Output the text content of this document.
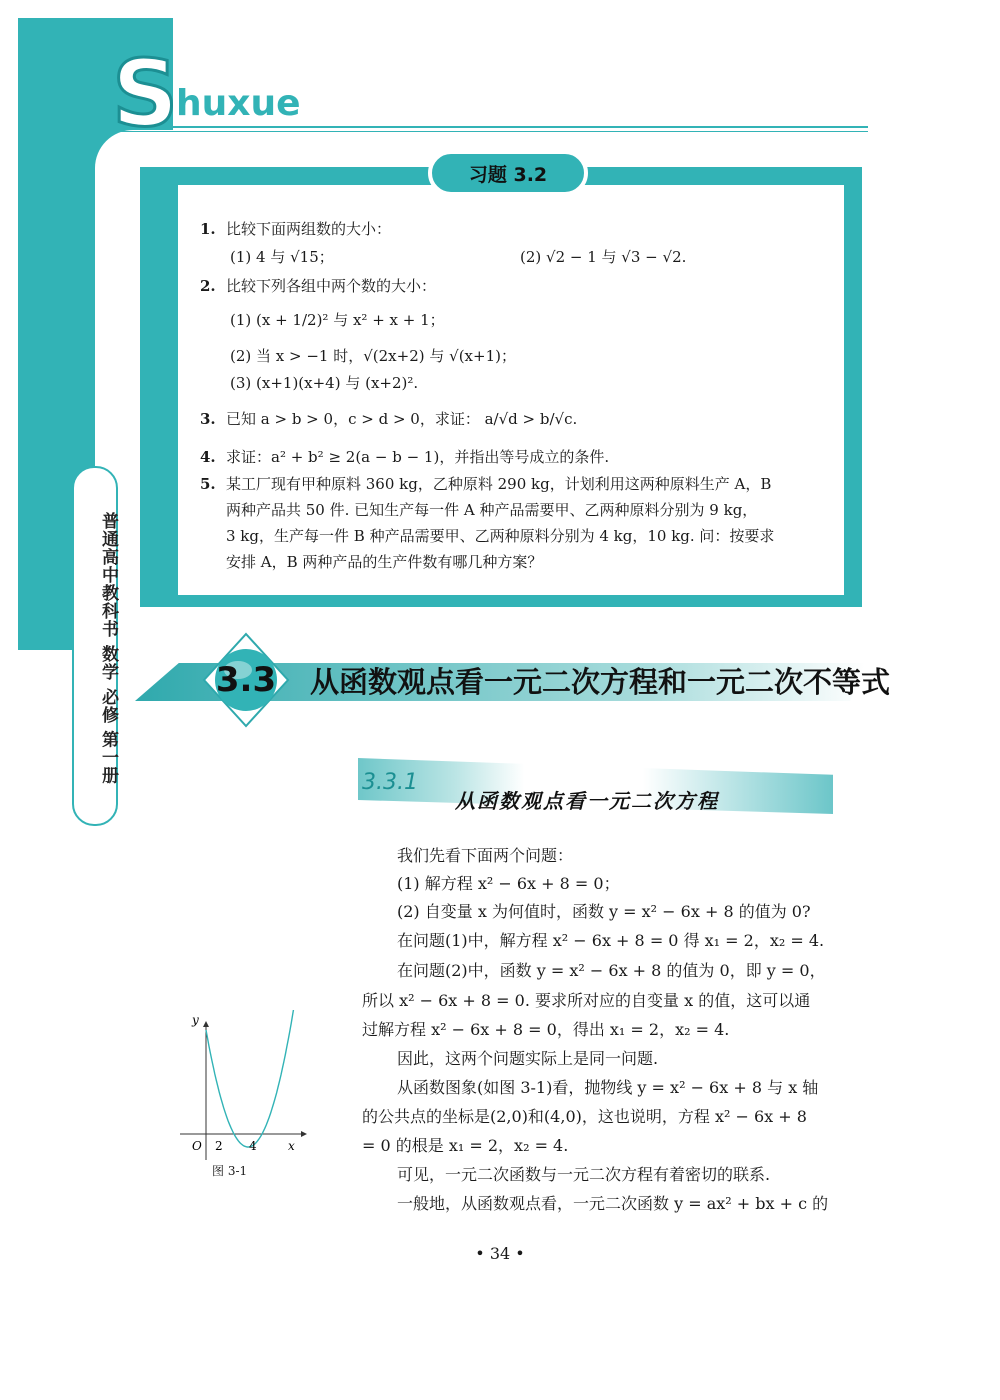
S huxue
习题 3.2
1. 比较下面两组数的大小：
(1) 4 与 √15；	(2) √2 − 1 与 √3 − √2.
2. 比较下列各组中两个数的大小：
(1) (x + 1/2)² 与 x² + x + 1；
(2) 当 x > −1 时，√(2x+2) 与 √(x+1)；
(3) (x+1)(x+4) 与 (x+2)².
3. 已知 a > b > 0，c > d > 0，求证： a/√d > b/√c.
4. 求证：a² + b² ≥ 2(a − b − 1)，并指出等号成立的条件.
5. 某工厂现有甲种原料 360 kg，乙种原料 290 kg，计划利用这两种原料生产 A，B
两种产品共 50 件. 已知生产每一件 A 种产品需要甲、乙两种原料分别为 9 kg，
3 kg，生产每一件 B 种产品需要甲、乙两种原料分别为 4 kg，10 kg. 问：按要求
安排 A，B 两种产品的生产件数有哪几种方案？
普通高中教科书 数学 必修 第一册	3.3	从函数观点看一元二次方程和一元二次不等式
3.3.1
从函数观点看一元二次方程
我们先看下面两个问题：
(1) 解方程 x² − 6x + 8 = 0；
(2) 自变量 x 为何值时，函数 y = x² − 6x + 8 的值为 0?
在问题(1)中，解方程 x² − 6x + 8 = 0 得 x₁ = 2，x₂ = 4.
在问题(2)中，函数 y = x² − 6x + 8 的值为 0，即 y = 0，
所以 x² − 6x + 8 = 0. 要求所对应的自变量 x 的值，这可以通
过解方程 x² − 6x + 8 = 0，得出 x₁ = 2，x₂ = 4.
因此，这两个问题实际上是同一问题.
从函数图象(如图 3-1)看，抛物线 y = x² − 6x + 8 与 x 轴
的公共点的坐标是(2,0)和(4,0)，这也说明，方程 x² − 6x + 8
= 0 的根是 x₁ = 2，x₂ = 4.
可见，一元二次函数与一元二次方程有着密切的联系.
一般地，从函数观点看，一元二次函数 y = ax² + bx + c 的
y
x
O 2 4
图 3-1
• 34 •
